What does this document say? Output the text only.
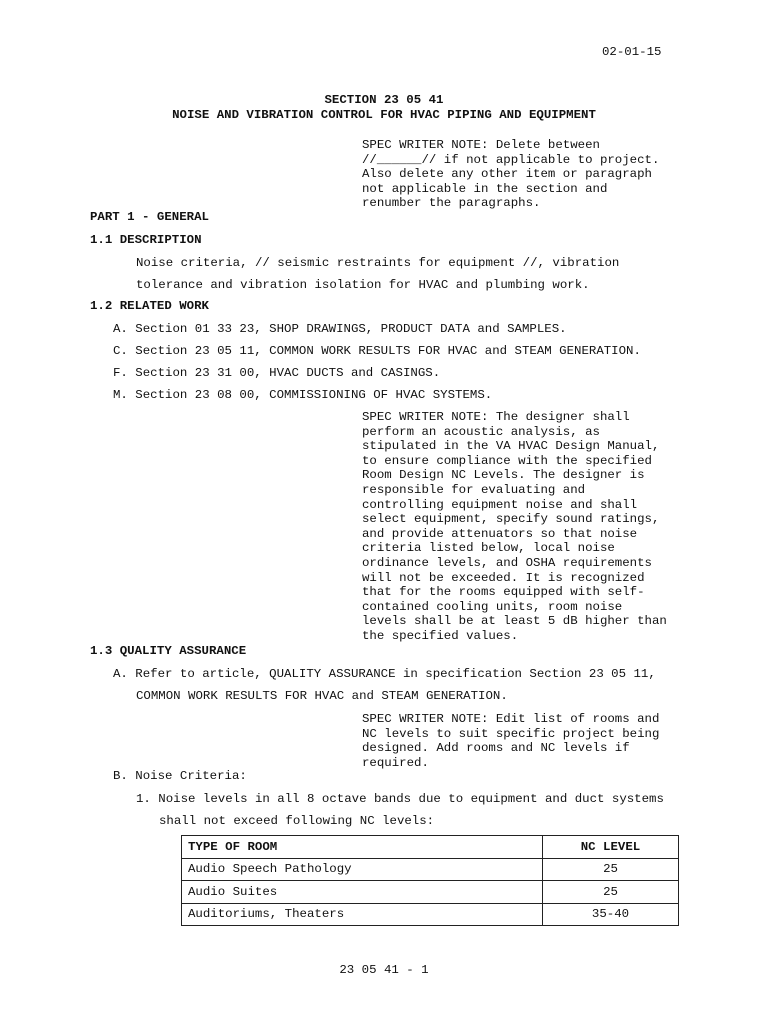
02-01-15
SECTION 23 05 41
NOISE AND VIBRATION CONTROL FOR HVAC PIPING AND EQUIPMENT
SPEC WRITER NOTE: Delete between
//______// if not applicable to project.
Also delete any other item or paragraph
not applicable in the section and
renumber the paragraphs.
PART 1 - GENERAL
1.1 DESCRIPTION
Noise criteria, // seismic restraints for equipment //, vibration
tolerance and vibration isolation for HVAC and plumbing work.
1.2 RELATED WORK
A. Section 01 33 23, SHOP DRAWINGS, PRODUCT DATA and SAMPLES.
C. Section 23 05 11, COMMON WORK RESULTS FOR HVAC and STEAM GENERATION.
F. Section 23 31 00, HVAC DUCTS and CASINGS.
M. Section 23 08 00, COMMISSIONING OF HVAC SYSTEMS.
SPEC WRITER NOTE: The designer shall
perform an acoustic analysis, as
stipulated in the VA HVAC Design Manual,
to ensure compliance with the specified
Room Design NC Levels. The designer is
responsible for evaluating and
controlling equipment noise and shall
select equipment, specify sound ratings,
and provide attenuators so that noise
criteria listed below, local noise
ordinance levels, and OSHA requirements
will not be exceeded. It is recognized
that for the rooms equipped with self-
contained cooling units, room noise
levels shall be at least 5 dB higher than
the specified values.
1.3 QUALITY ASSURANCE
A. Refer to article, QUALITY ASSURANCE in specification Section 23 05 11,
COMMON WORK RESULTS FOR HVAC and STEAM GENERATION.
SPEC WRITER NOTE: Edit list of rooms and
NC levels to suit specific project being
designed. Add rooms and NC levels if
required.
B. Noise Criteria:
1. Noise levels in all 8 octave bands due to equipment and duct systems
shall not exceed following NC levels:
TYPE OF ROOM	NC LEVEL
Audio Speech Pathology	25
Audio Suites	25
Auditoriums, Theaters	35-40
23 05 41 - 1
